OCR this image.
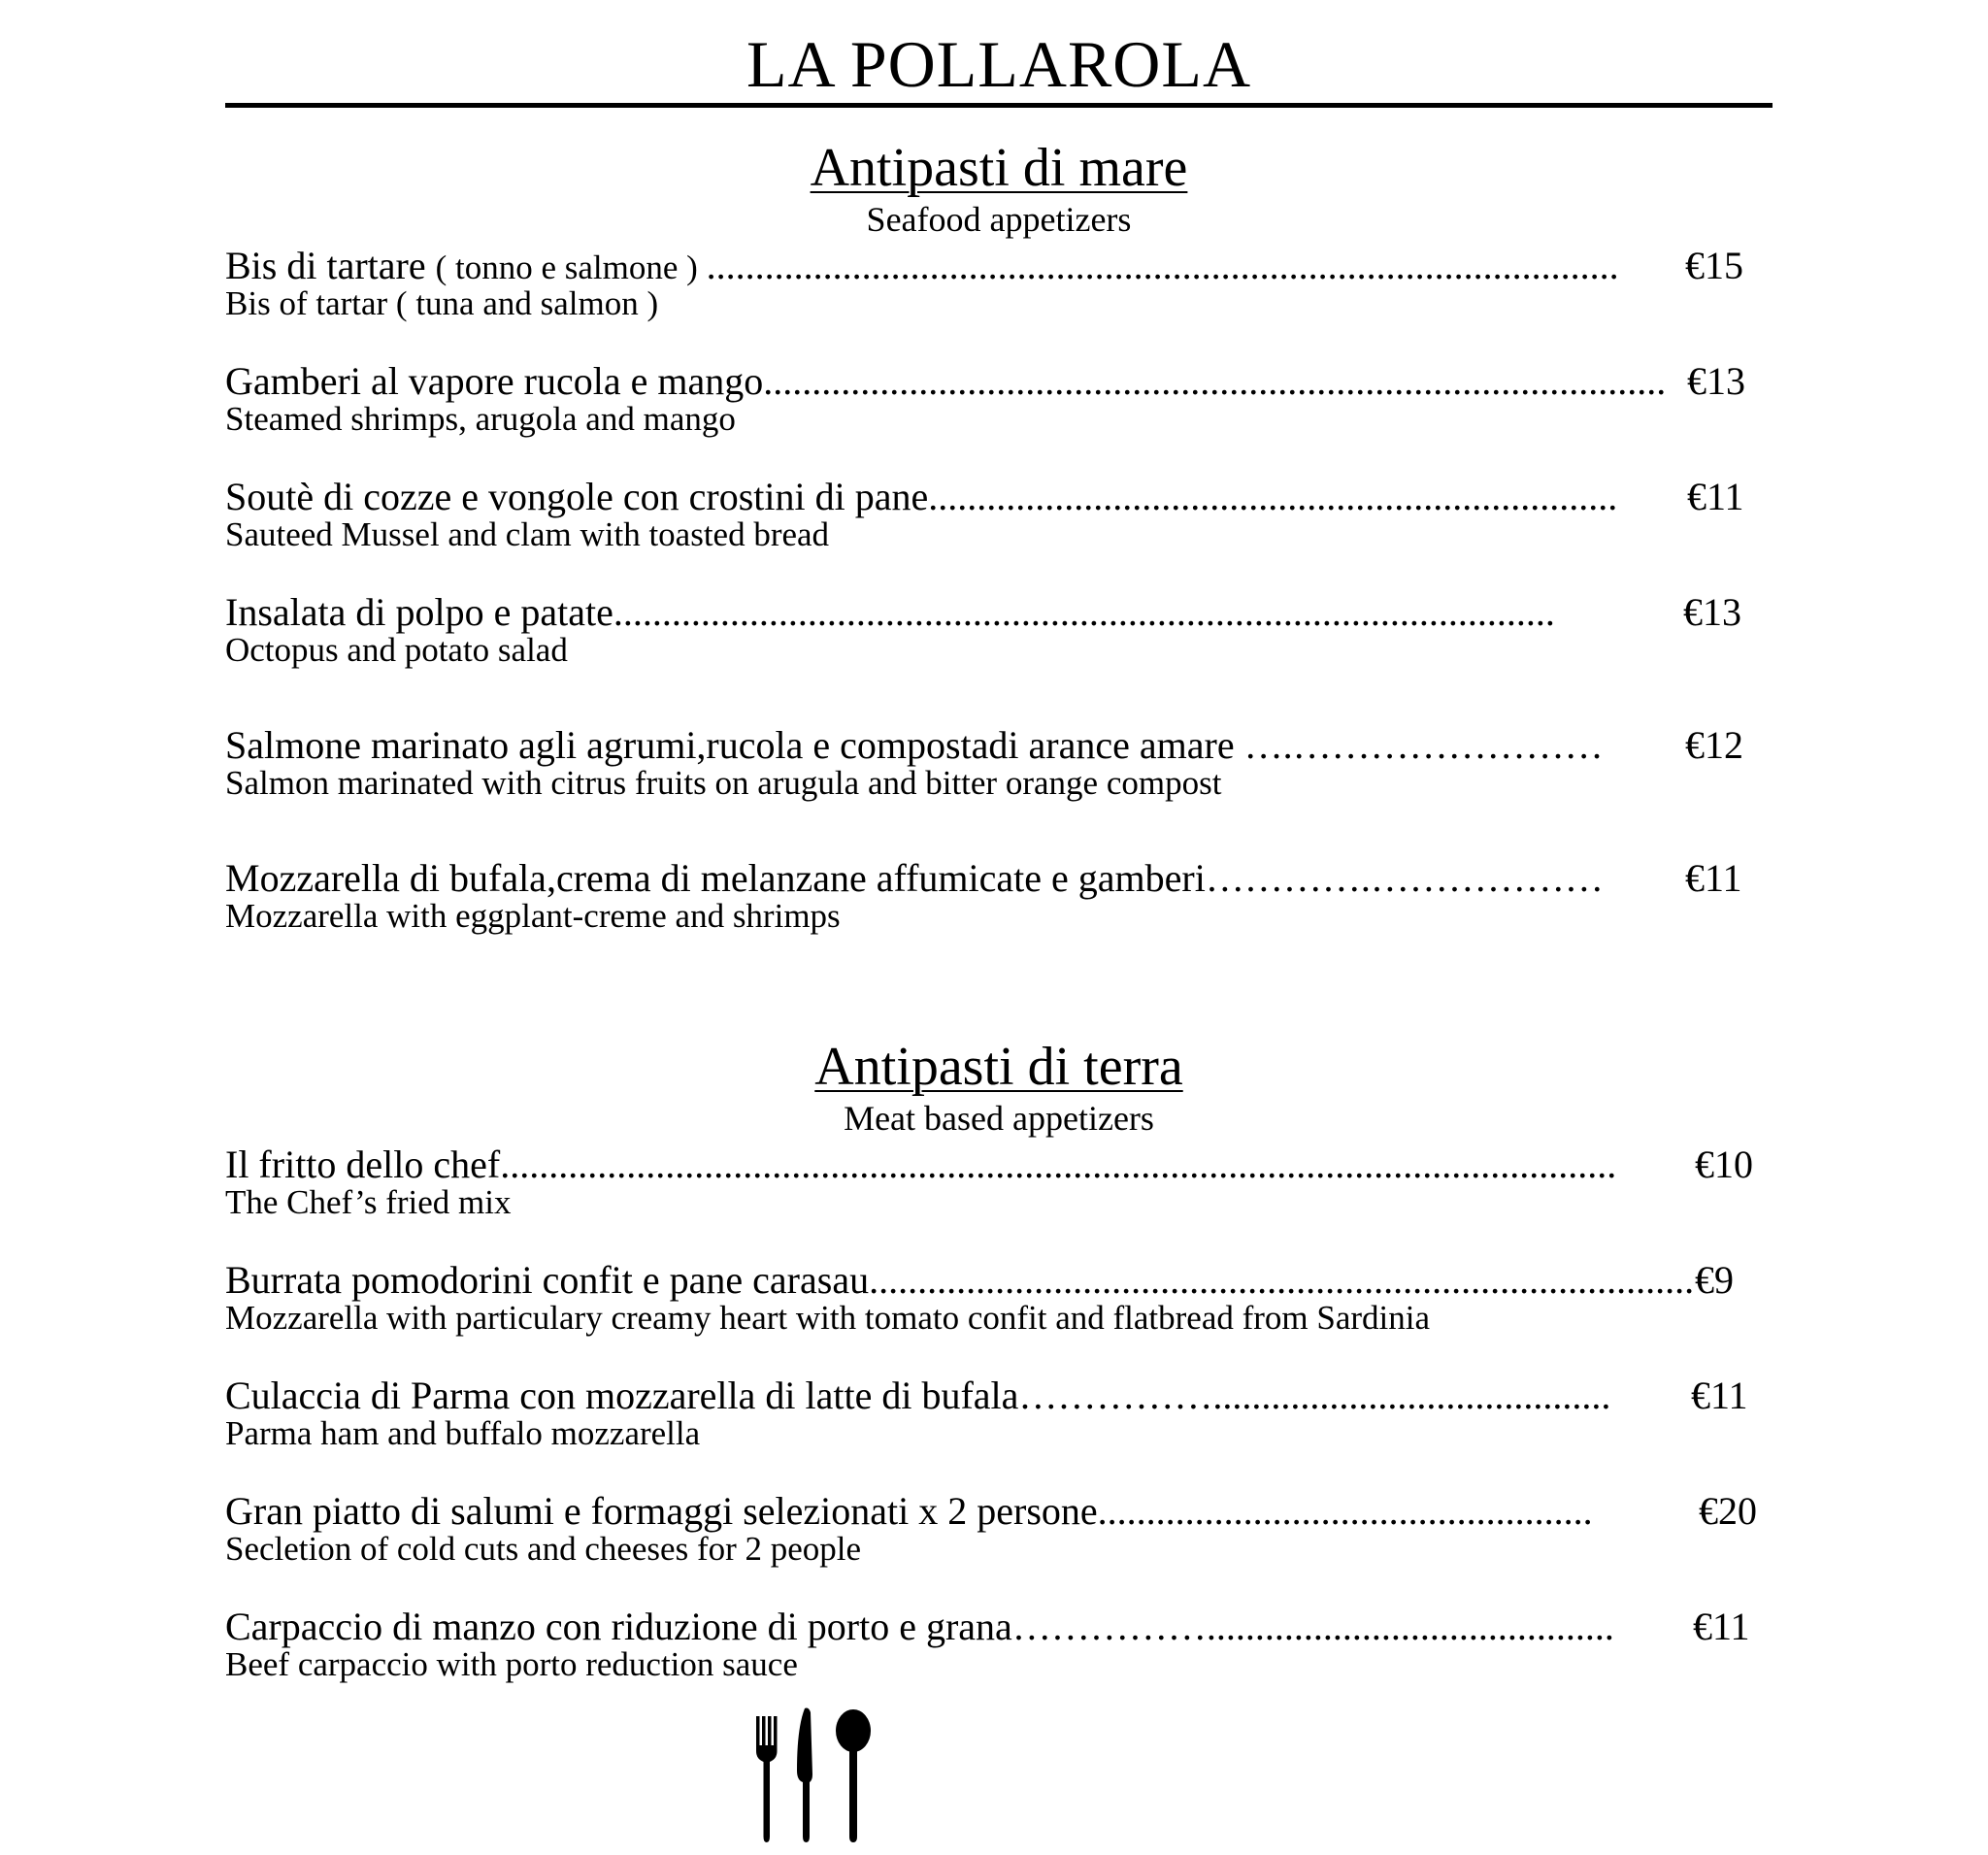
LA POLLAROLA
Antipasti di mare
Seafood appetizers
Bis di tartare ( tonno e salmone ) .............................................................................................. €15
Bis of tartar ( tuna and salmon )
Gamberi al vapore rucola e mango............................................................................................. €13
Steamed shrimps, arugola and mango
Soutè di cozze e vongole con crostini di pane....................................................................... €11
Sauteed Mussel and clam with toasted bread
Insalata di polpo e patate.................................................................................................	€13
Octopus and potato salad
Salmone marinato agli agrumi,rucola e compostadi arance amare ….…………………… €12
Salmon marinated with citrus fruits on arugula and bitter orange compost
Mozzarella di bufala,crema di melanzane affumicate e gamberi………….……………… €11
Mozzarella with eggplant-creme and shrimps
Antipasti di terra
Meat based appetizers
Il fritto dello chef................................................................................................................... €10
The Chef’s fried mix
Burrata pomodorini confit e pane carasau..................................................................................... €9
Mozzarella with particulary creamy heart with tomato confit and flatbread from Sardinia
Culaccia di Parma con mozzarella di latte di bufala……………......................................... €11
Parma ham and buffalo mozzarella
Gran piatto di salumi e formaggi selezionati x 2 persone...................................................	€20
Secletion of cold cuts and cheeses for 2 people
Carpaccio di manzo con riduzione di porto e grana…………….......................................... €11
Beef carpaccio with porto reduction sauce
